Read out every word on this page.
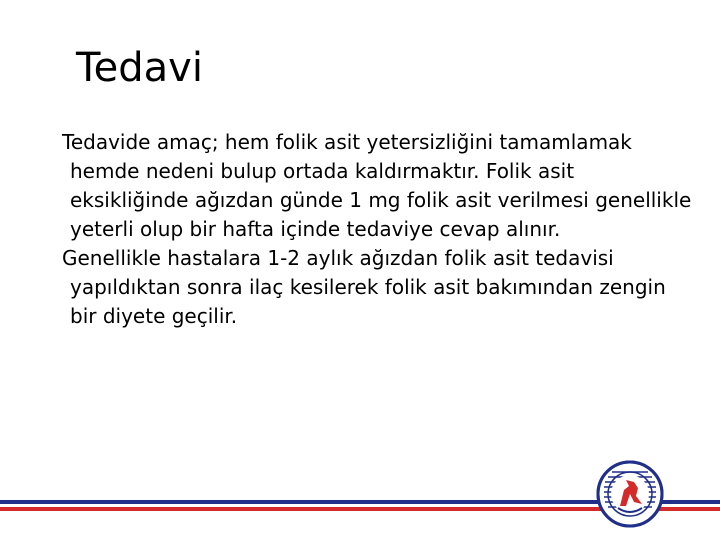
Tedavi

Tedavide amaç; hem folik asit yetersizliğini tamamlamak hemde nedeni bulup ortada kaldırmaktır. Folik asit eksikliğinde ağızdan günde 1 mg folik asit verilmesi genellikle yeterli olup bir hafta içinde tedaviye cevap alınır.

Genellikle hastalara 1-2 aylık ağızdan folik asit tedavisi yapıldıktan sonra ilaç kesilerek folik asit bakımından zengin bir diyete geçilir.
